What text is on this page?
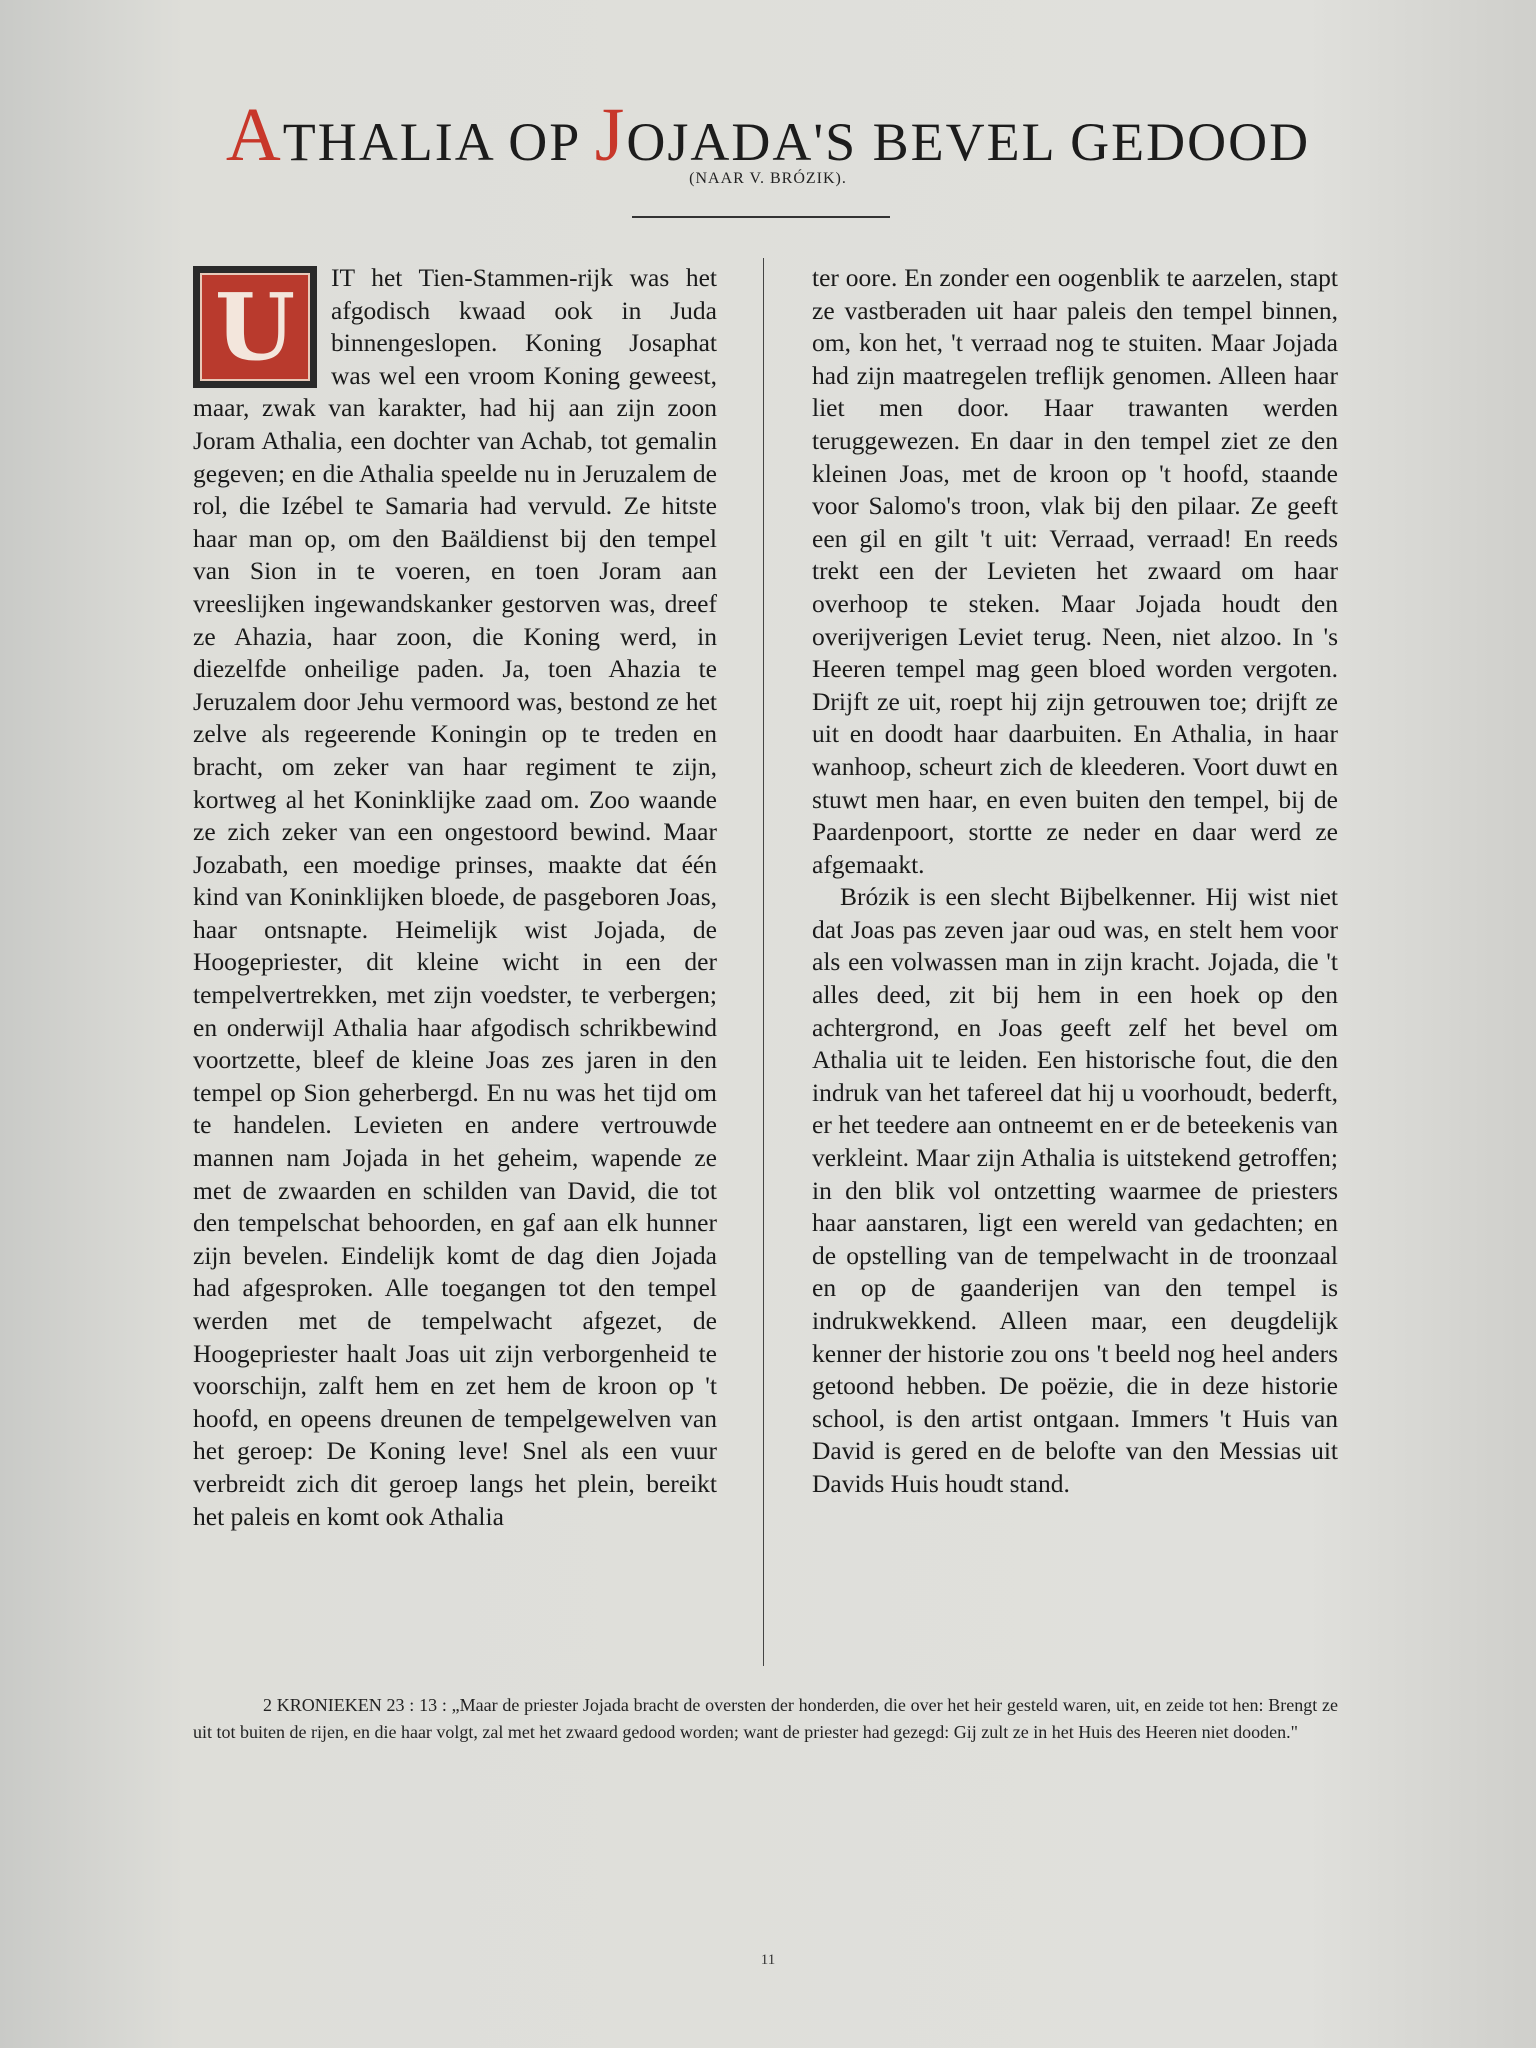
ATHALIA OP JOJADA'S BEVEL GEDOOD
(NAAR V. BRÓZIK).
U	IT het Tien-Stammen-rijk was het afgodisch kwaad ook in Juda binnengeslopen. Koning Josaphat was wel een vroom Koning geweest, maar, zwak van karakter, had hij aan zijn zoon Joram Athalia, een dochter van Achab, tot gemalin gegeven; en die Athalia speelde nu in Jeruzalem de rol, die Izébel te Samaria had vervuld. Ze hitste haar man op, om den Baäldienst bij den tempel van Sion in te voeren, en toen Joram aan vreeslijken ingewandskanker gestorven was, dreef ze Ahazia, haar zoon, die Koning werd, in diezelfde onheilige paden. Ja, toen Ahazia te Jeruzalem door Jehu vermoord was, bestond ze het zelve als regeerende Koningin op te treden en bracht, om zeker van haar regiment te zijn, kortweg al het Koninklijke zaad om. Zoo waande ze zich zeker van een ongestoord bewind. Maar Jozabath, een moedige prinses, maakte dat één kind van Koninklijken bloede, de pasgeboren Joas, haar ontsnapte. Heimelijk wist Jojada, de Hoogepriester, dit kleine wicht in een der tempelvertrekken, met zijn voedster, te verbergen; en onderwijl Athalia haar afgodisch schrikbewind voortzette, bleef de kleine Joas zes jaren in den tempel op Sion geherbergd. En nu was het tijd om te handelen. Levieten en andere vertrouwde mannen nam Jojada in het geheim, wapende ze met de zwaarden en schilden van David, die tot den tempelschat behoorden, en gaf aan elk hunner zijn bevelen. Eindelijk komt de dag dien Jojada had afgesproken. Alle toegangen tot den tempel werden met de tempelwacht afgezet, de Hoogepriester haalt Joas uit zijn verborgenheid te voorschijn, zalft hem en zet hem de kroon op 't hoofd, en opeens dreunen de tempelgewelven van het geroep: De Koning leve! Snel als een vuur verbreidt zich dit geroep langs het plein, bereikt het paleis en komt ook Athalia

ter oore. En zonder een oogenblik te aarzelen, stapt ze vastberaden uit haar paleis den tempel binnen, om, kon het, 't verraad nog te stuiten. Maar Jojada had zijn maatregelen treflijk genomen. Alleen haar liet men door. Haar trawanten werden teruggewezen. En daar in den tempel ziet ze den kleinen Joas, met de kroon op 't hoofd, staande voor Salomo's troon, vlak bij den pilaar. Ze geeft een gil en gilt 't uit: Verraad, verraad! En reeds trekt een der Levieten het zwaard om haar overhoop te steken. Maar Jojada houdt den overijverigen Leviet terug. Neen, niet alzoo. In 's Heeren tempel mag geen bloed worden vergoten. Drijft ze uit, roept hij zijn getrouwen toe; drijft ze uit en doodt haar daarbuiten. En Athalia, in haar wanhoop, scheurt zich de kleederen. Voort duwt en stuwt men haar, en even buiten den tempel, bij de Paardenpoort, stortte ze neder en daar werd ze afgemaakt.

Brózik is een slecht Bijbelkenner. Hij wist niet dat Joas pas zeven jaar oud was, en stelt hem voor als een volwassen man in zijn kracht. Jojada, die 't alles deed, zit bij hem in een hoek op den achtergrond, en Joas geeft zelf het bevel om Athalia uit te leiden. Een historische fout, die den indruk van het tafereel dat hij u voorhoudt, bederft, er het teedere aan ontneemt en er de beteekenis van verkleint. Maar zijn Athalia is uitstekend getroffen; in den blik vol ontzetting waarmee de priesters haar aanstaren, ligt een wereld van gedachten; en de opstelling van de tempelwacht in de troonzaal en op de gaanderijen van den tempel is indrukwekkend. Alleen maar, een deugdelijk kenner der historie zou ons 't beeld nog heel anders getoond hebben. De poëzie, die in deze historie school, is den artist ontgaan. Immers 't Huis van David is gered en de belofte van den Messias uit Davids Huis houdt stand.

2 KRONIEKEN 23 : 13 : „Maar de priester Jojada bracht de oversten der honderden, die over het heir gesteld waren, uit, en zeide tot hen: Brengt ze uit tot buiten de rijen, en die haar volgt, zal met het zwaard gedood worden; want de priester had gezegd: Gij zult ze in het Huis des Heeren niet dooden."
11
